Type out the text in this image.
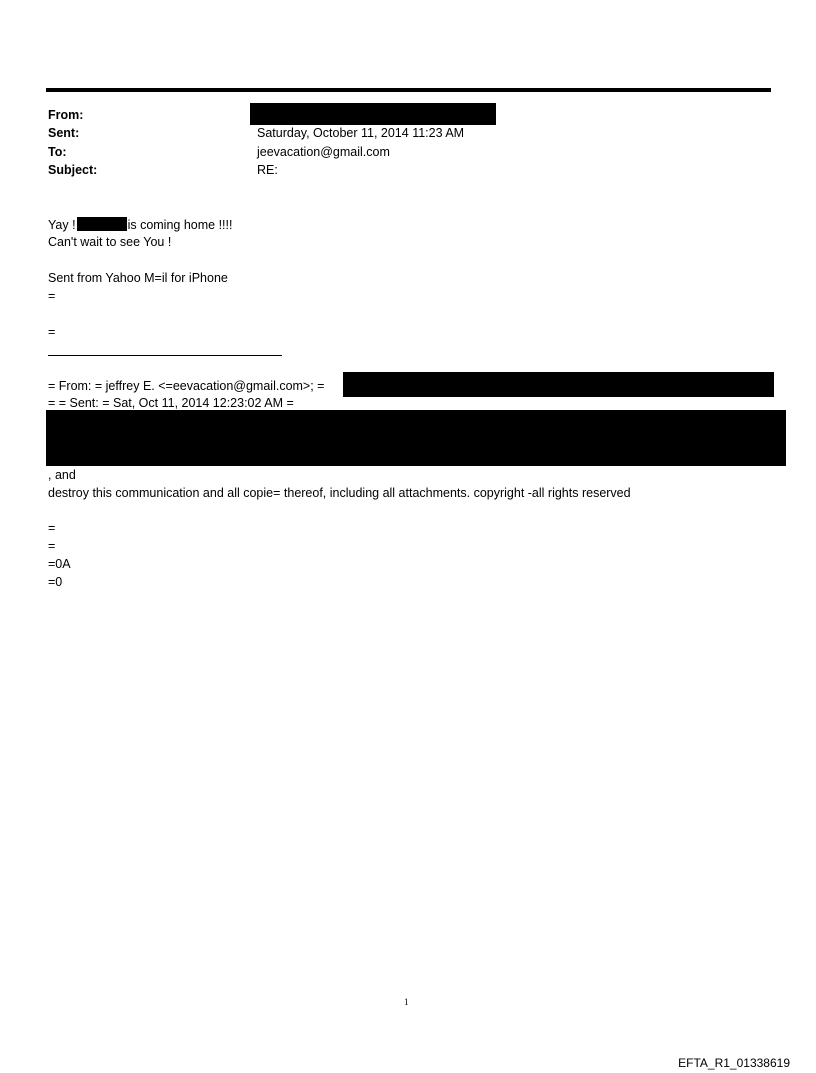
From:
Sent:	Saturday, October 11, 2014 11:23 AM
To:	jeevacation@gmail.com
Subject:	RE:
Yay !	is coming home !!!!
Can't wait to see You !
Sent from Yahoo M=il for iPhone
=
=
= From: = jeffrey E. <=eevacation@gmail.com>; =
= = Sent: = Sat, Oct 11, 2014 12:23:02 AM =
, and
destroy this communication and all copie= thereof, including all attachments. copyright -all rights reserved
=
=
=0A
=0
1
EFTA_R1_01338619
